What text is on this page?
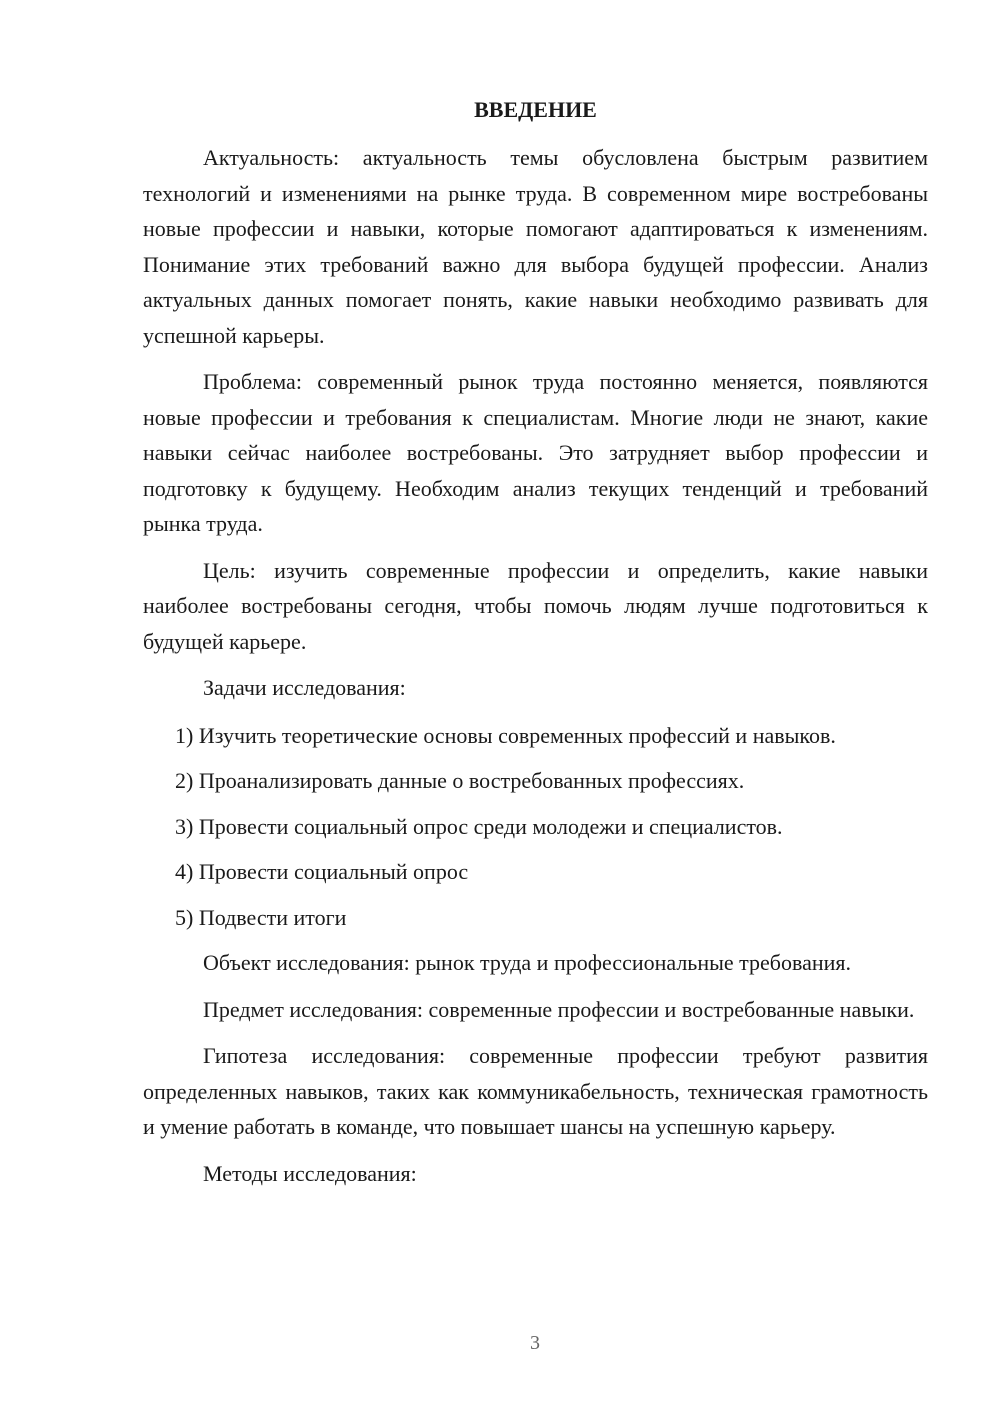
ВВЕДЕНИЕ

Актуальность: актуальность темы обусловлена быстрым развитием технологий и изменениями на рынке труда. В современном мире востребованы новые профессии и навыки, которые помогают адаптироваться к изменениям. Понимание этих требований важно для выбора будущей профессии. Анализ актуальных данных помогает понять, какие навыки необходимо развивать для успешной карьеры.

Проблема: современный рынок труда постоянно меняется, появляются новые профессии и требования к специалистам. Многие люди не знают, какие навыки сейчас наиболее востребованы. Это затрудняет выбор профессии и подготовку к будущему. Необходим анализ текущих тенденций и требований рынка труда.

Цель: изучить современные профессии и определить, какие навыки наиболее востребованы сегодня, чтобы помочь людям лучше подготовиться к будущей карьере.

Задачи исследования:

1) Изучить теоретические основы современных профессий и навыков.
2) Проанализировать данные о востребованных профессиях.
3) Провести социальный опрос среди молодежи и специалистов.
4) Провести социальный опрос
5) Подвести итоги

Объект исследования: рынок труда и профессиональные требования.

Предмет исследования: современные профессии и востребованные навыки.

Гипотеза исследования: современные профессии требуют развития определенных навыков, таких как коммуникабельность, техническая грамотность и умение работать в команде, что повышает шансы на успешную карьеру.

Методы исследования:

3
